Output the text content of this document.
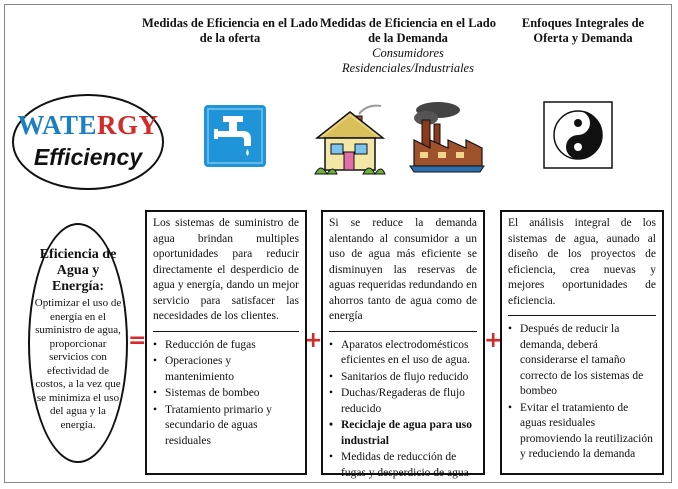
Medidas de Eficiencia en el Lado de la oferta
Medidas de Eficiencia en el Lado de la Demanda
Consumidores Residenciales/Industriales
Enfoques Integrales de Oferta y Demanda
WATERGY
Efficiency
Eficiencia de Agua y Energía:
Optimizar el uso de energía en el suministro de agua, proporcionar servicios con efectividad de costos, a la vez que se minimiza el uso del agua y la energía.
=	+	+

Los sistemas de suministro de agua brindan multiples oportunidades para reducir directamente el desperdicio de agua y energía, dando un mejor servicio para satisfacer las necesidades de los clientes.

• Reducción de fugas
• Operaciones y mantenimiento
• Sistemas de bombeo
• Tratamiento primario y secundario de aguas residuales

Si se reduce la demanda alentando al consumidor a un uso de agua más eficiente se disminuyen las reservas de aguas requeridas redundando en ahorros tanto de agua como de energía

• Aparatos electrodomésticos eficientes en el uso de agua.
• Sanitarios de flujo reducido
• Duchas/Regaderas de flujo reducido
• Reciclaje de agua para uso industrial
• Medidas de reducción de fugas y desperdicio de agua

El análisis integral de los sistemas de agua, aunado al diseño de los proyectos de eficiencia, crea nuevas y mejores oportunidades de eficiencia.

• Después de reducir la demanda, deberá considerarse el tamaño correcto de los sistemas de bombeo
• Evitar el tratamiento de aguas residuales promoviendo la reutilización y reduciendo la demanda
